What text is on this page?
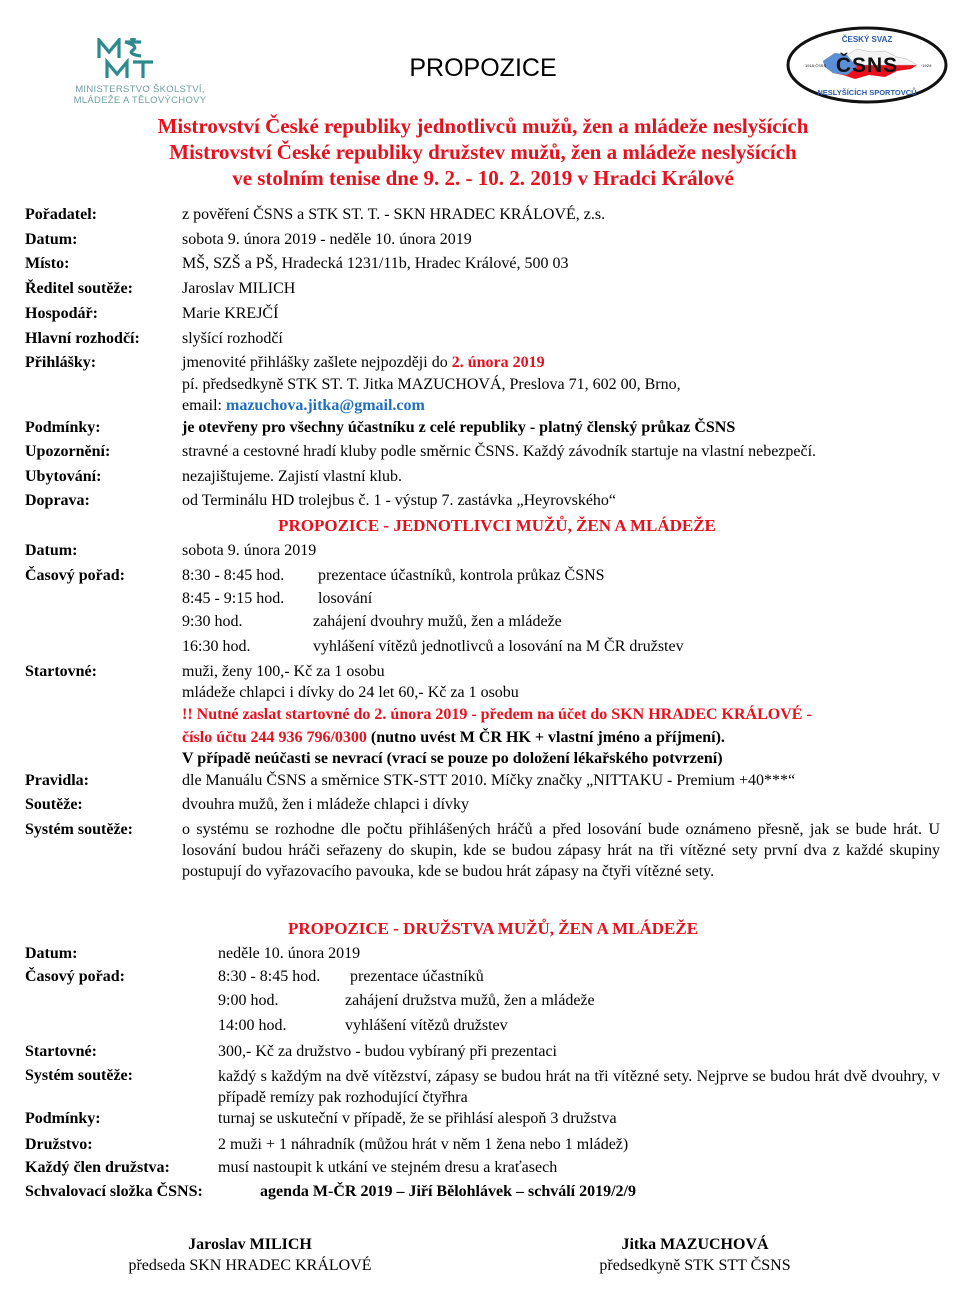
MINISTERSTVO ŠKOLSTVÍ,
MLÁDEŽE A TĚLOVÝCHOVY
PROPOZICE	ČSNS
ČESKÝ SVAZ
NESLYŠÍCÍCH SPORTOVCŮ
1918·ČSSS	·1924·
Mistrovství České republiky jednotlivců mužů, žen a mládeže neslyšících
Mistrovství České republiky družstev mužů, žen a mládeže neslyšících
ve stolním tenise dne 9. 2. - 10. 2. 2019 v Hradci Králové
Pořadatel:	z pověření ČSNS a STK ST. T. - SKN HRADEC KRÁLOVÉ, z.s.
Datum:	sobota 9. února 2019 - neděle 10. února 2019
Místo:	MŠ, SZŠ a PŠ, Hradecká 1231/11b, Hradec Králové, 500 03
Ředitel soutěže:	Jaroslav MILICH
Hospodář:	Marie KREJČÍ
Hlavní rozhodčí:	slyšící rozhodčí
Přihlášky:	jmenovité přihlášky zašlete nejpozději do 2. února 2019
pí. předsedkyně STK ST. T. Jitka MAZUCHOVÁ, Preslova 71, 602 00, Brno,
email: mazuchova.jitka@gmail.com
Podmínky:	je otevřeny pro všechny účastníku z celé republiky - platný členský průkaz ČSNS
Upozornění:	stravné a cestovné hradí kluby podle směrnic ČSNS. Každý závodník startuje na vlastní nebezpečí.
Ubytování:	nezajištujeme. Zajistí vlastní klub.
Doprava:	od Terminálu HD trolejbus č. 1 - výstup 7. zastávka „Heyrovského“
PROPOZICE - JEDNOTLIVCI MUŽŮ, ŽEN A MLÁDEŽE
Datum:	sobota 9. února 2019
Časový pořad:	8:30 - 8:45 hod. prezentace účastníků, kontrola průkaz ČSNS
8:45 - 9:15 hod. losování
9:30 hod.	zahájení dvouhry mužů, žen a mládeže
16:30 hod.	vyhlášení vítězů jednotlivců a losování na M ČR družstev
Startovné:	muži, ženy 100,- Kč za 1 osobu
mládeže chlapci i dívky do 24 let 60,- Kč za 1 osobu
!! Nutné zaslat startovné do 2. února 2019 - předem na účet do SKN HRADEC KRÁLOVÉ -
číslo účtu 244 936 796/0300 (nutno uvést M ČR HK + vlastní jméno a příjmení).
V případě neúčasti se nevrací (vrací se pouze po doložení lékařského potvrzení)
Pravidla:	dle Manuálu ČSNS a směrnice STK-STT 2010. Míčky značky „NITTAKU - Premium +40***“
Soutěže:	dvouhra mužů, žen i mládeže chlapci i dívky
Systém soutěže:	o systému se rozhodne dle počtu přihlášených hráčů a před losování bude oznámeno přesně, jak se bude hrát. U losování budou hráči seřazeny do skupin, kde se budou zápasy hrát na tři vítězné sety první dva z každé skupiny postupují do vyřazovacího pavouka, kde se budou hrát zápasy na čtyři vítězné sety.
PROPOZICE - DRUŽSTVA MUŽŮ, ŽEN A MLÁDEŽE
Datum:	neděle 10. února 2019
Časový pořad:	8:30 - 8:45 hod. prezentace účastníků
9:00 hod.	zahájení družstva mužů, žen a mládeže
14:00 hod.	vyhlášení vítězů družstev
Startovné:	300,- Kč za družstvo - budou vybíraný při prezentaci
Systém soutěže:	každý s každým na dvě vítězství, zápasy se budou hrát na tři vítězné sety. Nejprve se budou hrát dvě dvouhry, v případě remízy pak rozhodující čtyřhra
Podmínky:	turnaj se uskuteční v případě, že se přihlásí alespoň 3 družstva
Družstvo:	2 muži + 1 náhradník (můžou hrát v něm 1 žena nebo 1 mládež)
Každý člen družstva:	musí nastoupit k utkání ve stejném dresu a kraťasech
Schvalovací složka ČSNS:	agenda M-ČR 2019 – Jiří Bělohlávek – schválí 2019/2/9
Jaroslav MILICH
předseda SKN HRADEC KRÁLOVÉ
Jitka MAZUCHOVÁ
předsedkyně STK STT ČSNS
